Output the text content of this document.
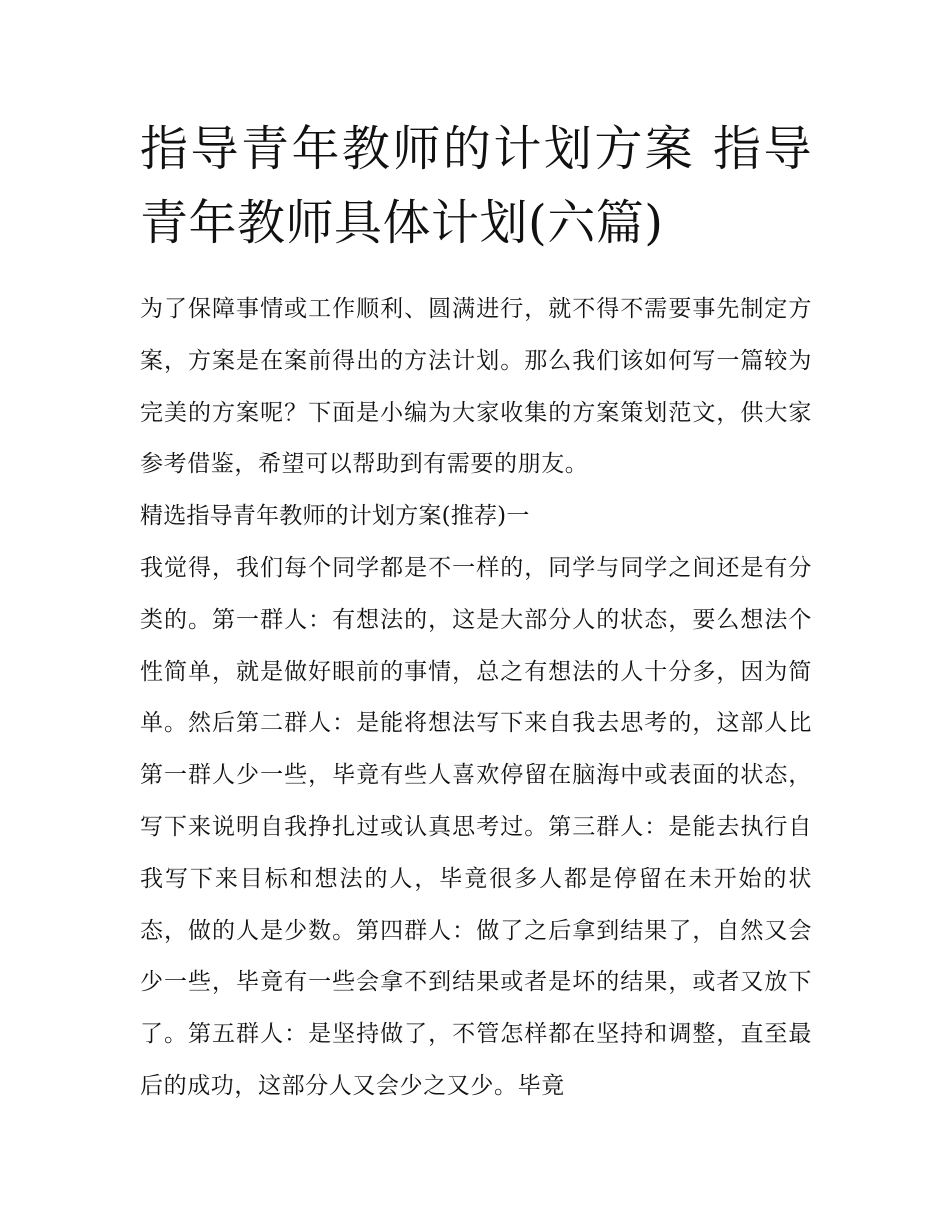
指导青年教师的计划方案 指导青年教师具体计划(六篇)

为了保障事情或工作顺利、圆满进行，就不得不需要事先制定方案，方案是在案前得出的方法计划。那么我们该如何写一篇较为完美的方案呢？下面是小编为大家收集的方案策划范文，供大家参考借鉴，希望可以帮助到有需要的朋友。

精选指导青年教师的计划方案(推荐)一

我觉得，我们每个同学都是不一样的，同学与同学之间还是有分类的。第一群人：有想法的，这是大部分人的状态，要么想法个性简单，就是做好眼前的事情，总之有想法的人十分多，因为简单。然后第二群人：是能将想法写下来自我去思考的，这部人比第一群人少一些，毕竟有些人喜欢停留在脑海中或表面的状态，写下来说明自我挣扎过或认真思考过。第三群人：是能去执行自我写下来目标和想法的人，毕竟很多人都是停留在未开始的状态，做的人是少数。第四群人：做了之后拿到结果了，自然又会少一些，毕竟有一些会拿不到结果或者是坏的结果，或者又放下了。第五群人：是坚持做了，不管怎样都在坚持和调整，直至最后的成功，这部分人又会少之又少。毕竟
